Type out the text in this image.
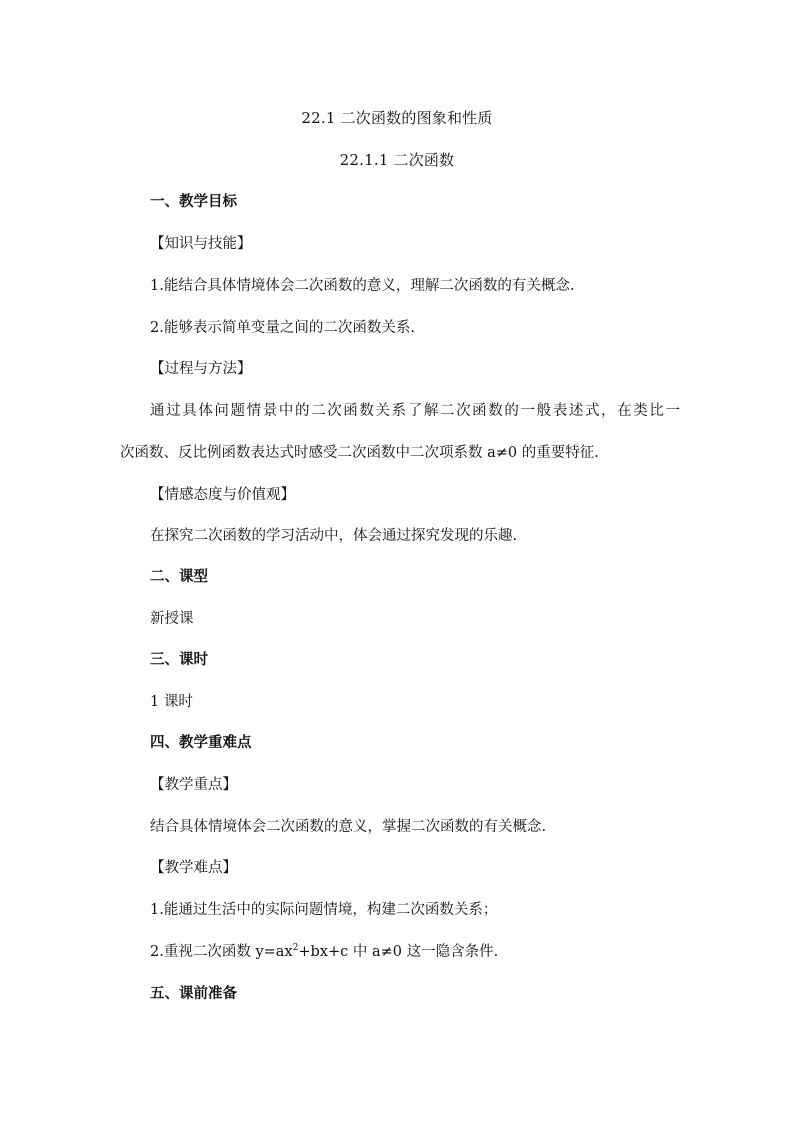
22.1 二次函数的图象和性质
22.1.1 二次函数
一、教学目标
【知识与技能】
1.能结合具体情境体会二次函数的意义，理解二次函数的有关概念.
2.能够表示简单变量之间的二次函数关系.
【过程与方法】
通过具体问题情景中的二次函数关系了解二次函数的一般表述式，在类比一
次函数、反比例函数表达式时感受二次函数中二次项系数 a≠0 的重要特征.
【情感态度与价值观】
在探究二次函数的学习活动中，体会通过探究发现的乐趣.
二、课型
新授课
三、课时
1 课时
四、教学重难点
【教学重点】
结合具体情境体会二次函数的意义，掌握二次函数的有关概念.
【教学难点】
1.能通过生活中的实际问题情境，构建二次函数关系；
2.重视二次函数 $y=ax^2+bx+c$ 中 a≠0 这一隐含条件.
五、课前准备
